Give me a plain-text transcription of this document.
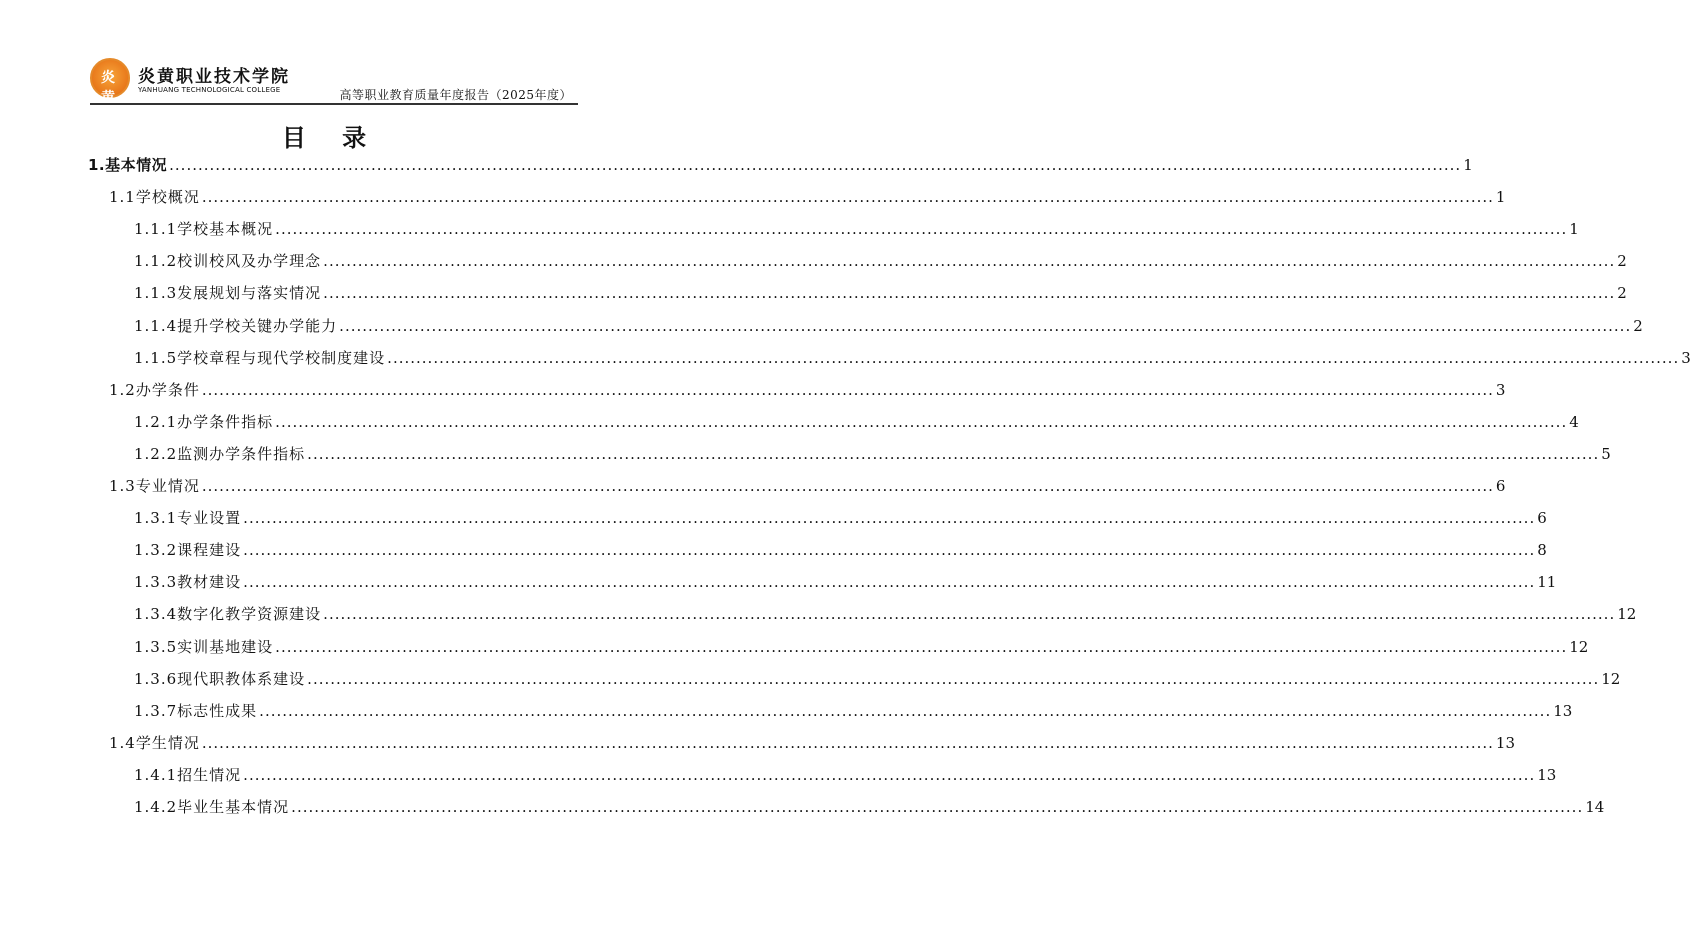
炎黄
炎黄职业技术学院
YANHUANG TECHNOLOGICAL COLLEGE	高等职业教育质量年度报告（2025年度）
目 录
1.基本情况 ................................................................................................................................................................................................................................ 1
1.1学校概况 ................................................................................................................................................................................................................................ 1
1.1.1学校基本概况 ................................................................................................................................................................................................................................ 1
1.1.2校训校风及办学理念 ................................................................................................................................................................................................................................ 2
1.1.3发展规划与落实情况 ................................................................................................................................................................................................................................ 2
1.1.4提升学校关键办学能力 ................................................................................................................................................................................................................................ 2
1.1.5学校章程与现代学校制度建设 ................................................................................................................................................................................................................................ 3
1.2办学条件 ................................................................................................................................................................................................................................ 3
1.2.1办学条件指标 ................................................................................................................................................................................................................................ 4
1.2.2监测办学条件指标 ................................................................................................................................................................................................................................ 5
1.3专业情况 ................................................................................................................................................................................................................................ 6
1.3.1专业设置 ................................................................................................................................................................................................................................ 6
1.3.2课程建设 ................................................................................................................................................................................................................................ 8
1.3.3教材建设 ................................................................................................................................................................................................................................ 11
1.3.4数字化教学资源建设 ................................................................................................................................................................................................................................ 12
1.3.5实训基地建设 ................................................................................................................................................................................................................................ 12
1.3.6现代职教体系建设 ................................................................................................................................................................................................................................ 12
1.3.7标志性成果 ................................................................................................................................................................................................................................ 13
1.4学生情况 ................................................................................................................................................................................................................................ 13
1.4.1招生情况 ................................................................................................................................................................................................................................ 13
1.4.2毕业生基本情况 ................................................................................................................................................................................................................................ 14
